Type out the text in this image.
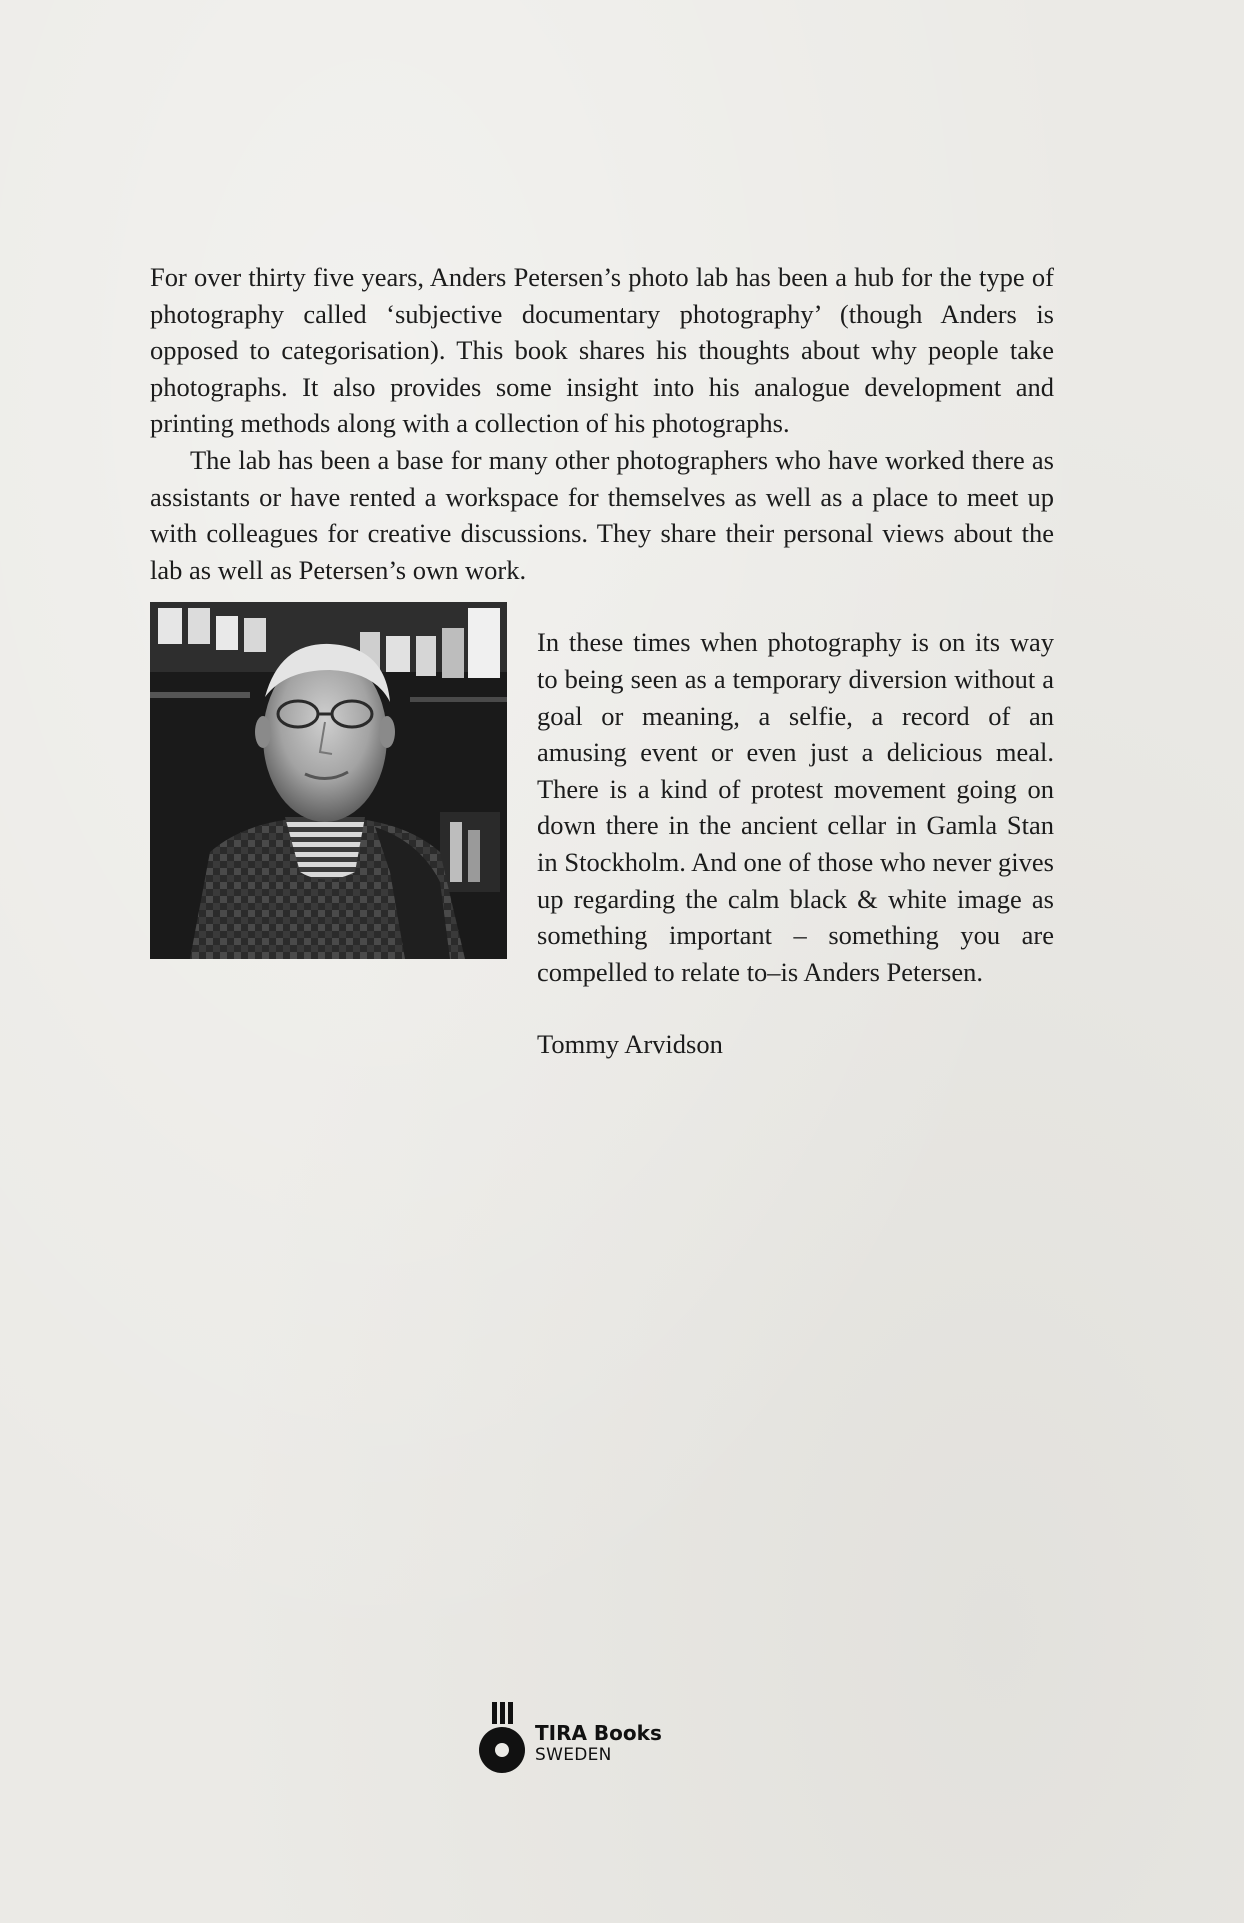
For over thirty five years, Anders Petersen’s photo lab has been a hub for the type of photography called ‘subjective documentary photography’ (though Anders is opposed to categorisation). This book shares his thoughts about why people take photographs. It also provides some insight into his analogue development and printing methods along with a collection of his photographs.

The lab has been a base for many other photographers who have worked there as assistants or have rented a workspace for themselves as well as a place to meet up with colleagues for creative discussions. They share their personal views about the lab as well as Petersen’s own work.

In these times when photography is on its way to being seen as a temporary diversion without a goal or meaning, a selfie, a record of an amusing event or even just a delicious meal. There is a kind of protest movement going on down there in the ancient cellar in Gamla Stan in Stockholm. And one of those who never gives up regarding the calm black & white image as something important – something you are compelled to relate to–is Anders Petersen.

Tommy Arvidson

TIRA Books
SWEDEN
